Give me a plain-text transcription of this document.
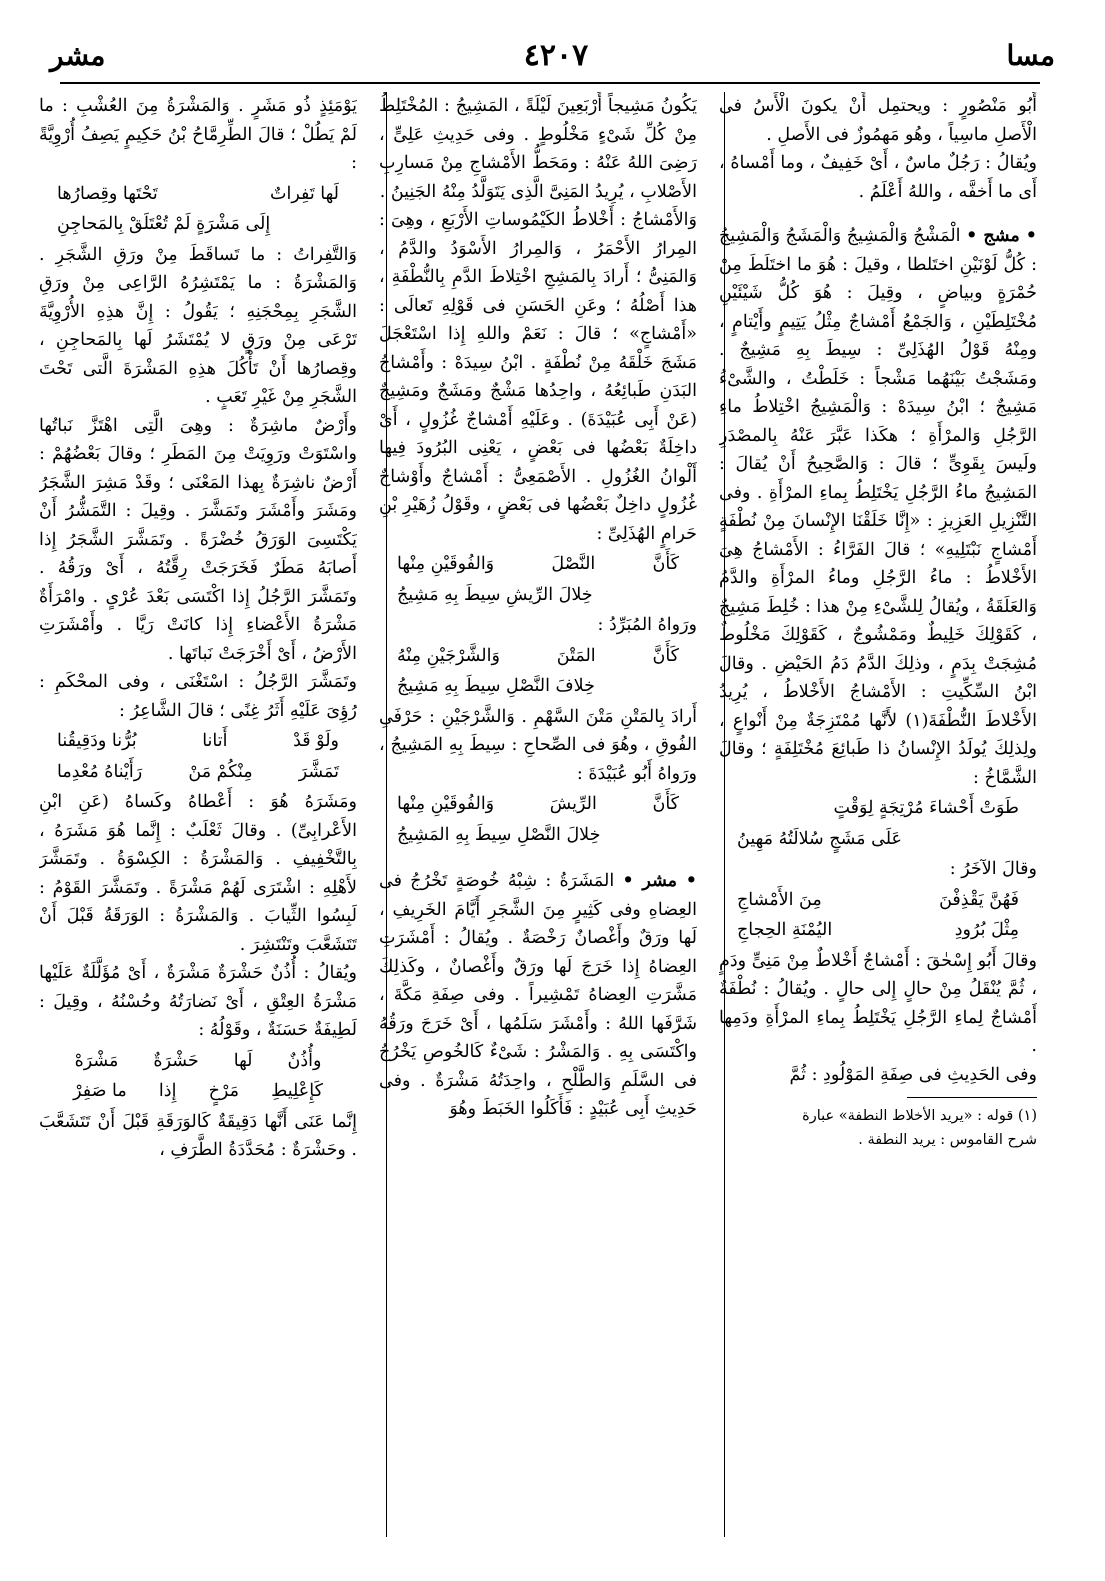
مسا
٤٢٠٧
مشر

أَبُو مَنْصُورٍ : ويحتمِل أَنْ يكونَ الْأَسُ فى الْأَصلِ ماسِياً ، وهُو مَهمُوزٌ فى الأَصلِ .

ويُقالُ : رَجُلٌ ماسٌ ، أَىْ خَفِيفٌ ، وما أَمْساهُ ، أَى ما أَخفَّه ، واللهُ أَعْلَمُ .

• مشج • الْمَشْجُ وَالْمَشِيجُ وَالْمَشَجُ وَالْمَشِيجُ : كُلُّ لَوْنَيْنِ اختَلطا ، وقيلَ : هُوَ ما اختَلَطَ مِنْ حُمْرَةٍ وبياضٍ ، وقِيلَ : هُوَ كُلُّ شَيْئَيْنِ مُخْتَلِطَيْنِ ، وَالجَمْعُ أَمْشاجٌ مِثْلُ يَتِيمٍ وأَيْتامٍ ، ومِنْهُ قَوْلُ الهُذَلِىِّ : سِيطَ بِهِ مَشِيجٌ . ومَشَجْتُ بَيْنَهُما مَشْجاً : خَلَطْتُ ، والشَّىْءُ مَشِيجٌ ؛ ابْنُ سِيدَهْ : وَالْمَشِيجُ اخْتِلاطُ ماءِ الرَّجُلِ وَالمرْأَةِ ؛ هكَذا عَبَّرَ عَنْهُ بِالمصْدَرِ ولَيسَ بِقَوِىٍّ ؛ قالَ : وَالصَّحِيحُ أَنْ يُقالَ : المَشِيجُ ماءُ الرَّجُلِ يَخْتَلِطُ بِماءِ المرْأَةِ . وفى التَّنْزِيلِ العَزِيزِ : «إِنَّا خَلَقْنَا الإِنْسانَ مِنْ نُطْفَةٍ أَمْشاجٍ نَبْتَلِيهِ» ؛ قالَ الفَرَّاءُ : الأَمْشاجُ هِىَ الأَخْلاطُ : ماءُ الرَّجُلِ وماءُ المرْأَةِ والدَّمُ وَالعَلَقَةُ ، ويُقالُ لِلشَّىْءِ مِنْ هذا : خُلِطَ مَشِيجٌ ، كَقَوْلِكَ خَلِيطٌ ومَمْشُوجٌ ، كَقَوْلِكَ مَخْلُوطٌ مُشِجَتْ بِدَمٍ ، وذلِكَ الدَّمُ دَمُ الحَيْضِ . وقالَ ابْنُ السِّكِّيتِ : الأَمْشاجُ الأَخْلاطُ ، يُرِيدُ الأَخْلاطَ النُّطْفَةَ(١) لأَنَّها مُمْتَزِجَةٌ مِنْ أَنْواعٍ ، ولِذلِكَ يُولَدُ الإِنْسانُ ذا طَبائِعَ مُخْتَلِفَةٍ ؛ وقالَ الشَّمَّاخُ :

طَوَتْ أَحْشاءَ مُرْتِجَةٍ لِوَقْتٍ
عَلَى مَشَجٍ سُلالَتُهُ مَهِينُ

وقالَ الآخَرُ :

فَهُنَّ يَقْذِفْنَ
مِنَ الأَمْشاجِ
مِثْلَ بُرُودِ
اليُمْنَةِ الحِجاجِ

وقالَ أَبُو إِسْحٰقَ : أَمْشاجٌ أَخْلاطٌ مِنْ مَنِىٍّ ودَمٍ ، ثُمَّ يُنْقَلُ مِنْ حالٍ إِلى حالٍ . ويُقالُ : نُطْفَةٌ أَمْشاجٌ لِماءِ الرَّجُلِ يَخْتَلِطُ بِماءِ المرْأَةِ ودَمِها .

وفى الحَدِيثِ فى صِفَةِ المَوْلُودِ : ثُمَّ

(١) قوله : «يريد الأخلاط النطفة» عبارة

شرح القاموس : يريد النطفة .

يَكُونُ مَشِيجاً أَرْبَعِينَ لَيْلَةً ، المَشِيجُ : المُخْتَلِطُ مِنْ كُلِّ شَىْءٍ مَخْلُوطٍ . وفى حَدِيثِ عَلِىٍّ ، رَضِىَ اللهُ عَنْهُ : ومَحَطُّ الأَمْشاجِ مِنْ مَسارِبِ الأَصْلابِ ، يُرِيدُ المَنِىَّ الَّذِى يَتَوَلَّدُ مِنْهُ الجَنِينُ .

وَالأَمْشاجُ : أَخْلاطُ الكَيْمُوساتِ الأَرْبَعِ ، وهِىَ : المِرارُ الأَحْمَرُ ، وَالمِرارُ الأَسْوَدُ والدَّمُ ، وَالمَنِىُّ ؛ أَرادَ بِالمَشِجِ اخْتِلاطَ الدَّمِ بِالنُّطْفَةِ ، هذا أَصْلُهُ ؛ وعَنِ الحَسَنِ فى قَوْلِهِ تَعالَى : «أَمْشاجٍ» ؛ قالَ : نَعَمْ واللهِ إِذا اسْتَعْجَلَ مَشَجَ خَلْقَهُ مِنْ نُطْفَةٍ . ابْنُ سِيدَهْ : وأَمْشاجُ البَدَنِ طَبائِعُهُ ، واحِدُها مَشْجٌ ومَشَجٌ ومَشِيجٌ (عَنْ أَبِى عُبَيْدَةَ) . وعَلَيْهِ أَمْشاجٌ غُزُولٍ ، أَىْ داخِلَةٌ بَعْضُها فى بَعْضٍ ، يَعْنِى البُرُودَ فِيها أَلْوانُ الغُزُولِ . الأَصْمَعِىُّ : أَمْشاجٌ وأَوْشاجٌ غُزُولٍ داخِلٌ بَعْضُها فى بَعْضٍ ، وقَوْلُ زُهَيْرِ بْنِ حَرامٍ الهُذَلِىِّ :

كَأَنَّ
النَّصْلَ
وَالفُوقَيْنِ مِنْها
خِلالَ الرِّيشِ سِيطَ بِهِ مَشِيجُ

ورَواهُ المُبَرِّدُ :

كَأَنَّ
المَتْنَ
وَالشَّرْجَيْنِ مِنْهُ
خِلافَ النَّصْلِ سِيطَ بِهِ مَشِيجُ

أَرادَ بِالمَتْنِ مَتْنَ السَّهْمِ . وَالشَّرْجَيْنِ : حَرْفَىِ الفُوقِ ، وهُوَ فى الصِّحاحِ : سِيطَ بِهِ المَشِيجُ ، ورَواهُ أَبُو عُبَيْدَةَ :

كَأَنَّ
الرِّيشَ
وَالفُوقَيْنِ مِنْها
خِلالَ النَّصْلِ سِيطَ بِهِ المَشِيجُ

• مشر • المَشَرَةُ : شِبْهُ خُوصَةٍ تَخْرُجُ فى العِضاهِ وفى كَثِيرٍ مِنَ الشَّجَرِ أَيَّامَ الخَرِيفِ ، لَها ورَقٌ وأَغْصانٌ رَخْصَةٌ . ويُقالُ : أَمْشَرَتِ العِضاهُ إِذا خَرَجَ لَها ورَقٌ وأَغْصانٌ ، وكَذلِكَ مَشَّرَتِ العِضاهُ تَمْشِيراً . وفى صِفَةِ مَكَّةَ ، شَرَّفَها اللهُ : وأَمْشَرَ سَلَمُها ، أَىْ خَرَجَ ورَقُهُ واكْتَسَى بِهِ . وَالمَشْرُ : شَىْءٌ كَالخُوصِ يَخْرُجُ فى السَّلَمِ وَالطَّلْحِ ، واحِدَتُهُ مَشْرَةٌ . وفى حَدِيثِ أَبِى عُبَيْدٍ : فَأَكَلُوا الخَبَطَ وهُوَ

يَوْمَئِذٍ ذُو مَشَرٍ . وَالمَشْرَةُ مِنَ العُشْبِ : ما لَمْ يَطُلْ ؛ قالَ الطِّرِمَّاحُ بْنُ حَكِيمٍ يَصِفُ أُرْوِيَّةً :

لَها تَفِراتٌ
تَحْتَها وقِصارُها
إِلَى مَشْرَةٍ لَمْ تُعْتَلَقْ بِالمَحاجِنِ

وَالتَّفِراتُ : ما تَساقَطَ مِنْ ورَقِ الشَّجَرِ . وَالمَشْرَةُ : ما يَمْتَشِرُهُ الرَّاعِى مِنْ ورَقِ الشَّجَرِ بِمِحْجَنِهِ ؛ يَقُولُ : إِنَّ هذِهِ الأُرْوِيَّةَ تَرْعَى مِنْ ورَقٍ لا يُمْتَشَرُ لَها بِالمَحاجِنِ ، وقِصارُها أَنْ تَأْكُلَ هذِهِ المَشْرَةَ الَّتى تَحْتَ الشَّجَرِ مِنْ غَيْرِ تَعَبٍ .

وأَرْضٌ ماشِرَةٌ : وهِىَ الَّتِى اهْتَزَّ نَباتُها واسْتَوَتْ ورَوِيَتْ مِنَ المَطَرِ ؛ وقالَ بَعْضُهُمْ : أَرْضٌ ناشِرَةٌ بِهذا المَعْنَى ؛ وقَدْ مَشِرَ الشَّجَرُ ومَشَرَ وأَمْشَرَ وتَمَشَّرَ . وقِيلَ : التَّمَشُّرُ أَنْ يَكْتَسِىَ الوَرَقُ خُضْرَةً . وتَمَشَّرَ الشَّجَرُ إِذا أَصابَهُ مَطَرٌ فَخَرَجَتْ رِقَّتُهُ ، أَىْ ورَقُهُ . وتَمَشَّرَ الرَّجُلُ إِذا اكْتَسَى بَعْدَ عُرْىٍ . وامْرَأَةٌ مَشْرَةُ الأَعْضاءِ إِذا كانَتْ رَيَّا . وأَمْشَرَتِ الأَرْضُ ، أَىْ أَخْرَجَتْ نَباتَها .

وتَمَشَّرَ الرَّجُلُ : اسْتَغْنَى ، وفى المحْكَمِ : رُؤِىَ عَلَيْهِ أَثَرُ غِنًى ؛ قالَ الشَّاعِرُ :

ولَوْ قَدْ
أَتانا
بُرُّنا ودَقِيقُنا
تَمَشَّرَ
مِنْكُمْ مَنْ
رَأَيْناهُ مُعْدِما

ومَشَرَهُ هُوَ : أَعْطاهُ وكَساهُ (عَنِ ابْنِ الأَعْرابِىِّ) . وقالَ ثَعْلَبٌ : إِنَّما هُوَ مَشَرَهُ ، بِالتَّخْفِيفِ . وَالمَشْرَةُ : الكِسْوَةُ . وتَمَشَّرَ لأَهْلِهِ : اشْتَرَى لَهُمْ مَشْرَةً . وتَمَشَّرَ القَوْمُ : لَبِسُوا الثِّيابَ . وَالمَشْرَةُ : الوَرَقَةُ قَبْلَ أَنْ تَتَشَعَّبَ وتَنْتَشِرَ .

ويُقالُ : أُذُنٌ حَشْرَةٌ مَشْرَةٌ ، أَىْ مُؤَلَّلَةٌ عَلَيْها مَشْرَةُ العِتْقِ ، أَىْ نَضارَتُهُ وحُسْنُهُ ، وقِيلَ : لَطِيفَةٌ حَسَنَةٌ ، وقَوْلُهُ :

وأُذُنٌ
لَها
حَشْرَةٌ
مَشْرَهْ
كَإِعْلِيطِ
مَرْخٍ
إِذا
ما صَفِرْ

إِنَّما عَنَى أَنَّها دَقِيقَةٌ كَالوَرَقَةِ قَبْلَ أَنْ تَتَشَعَّبَ . وحَشْرَةٌ : مُحَدَّدَةُ الطَّرَفِ ،
